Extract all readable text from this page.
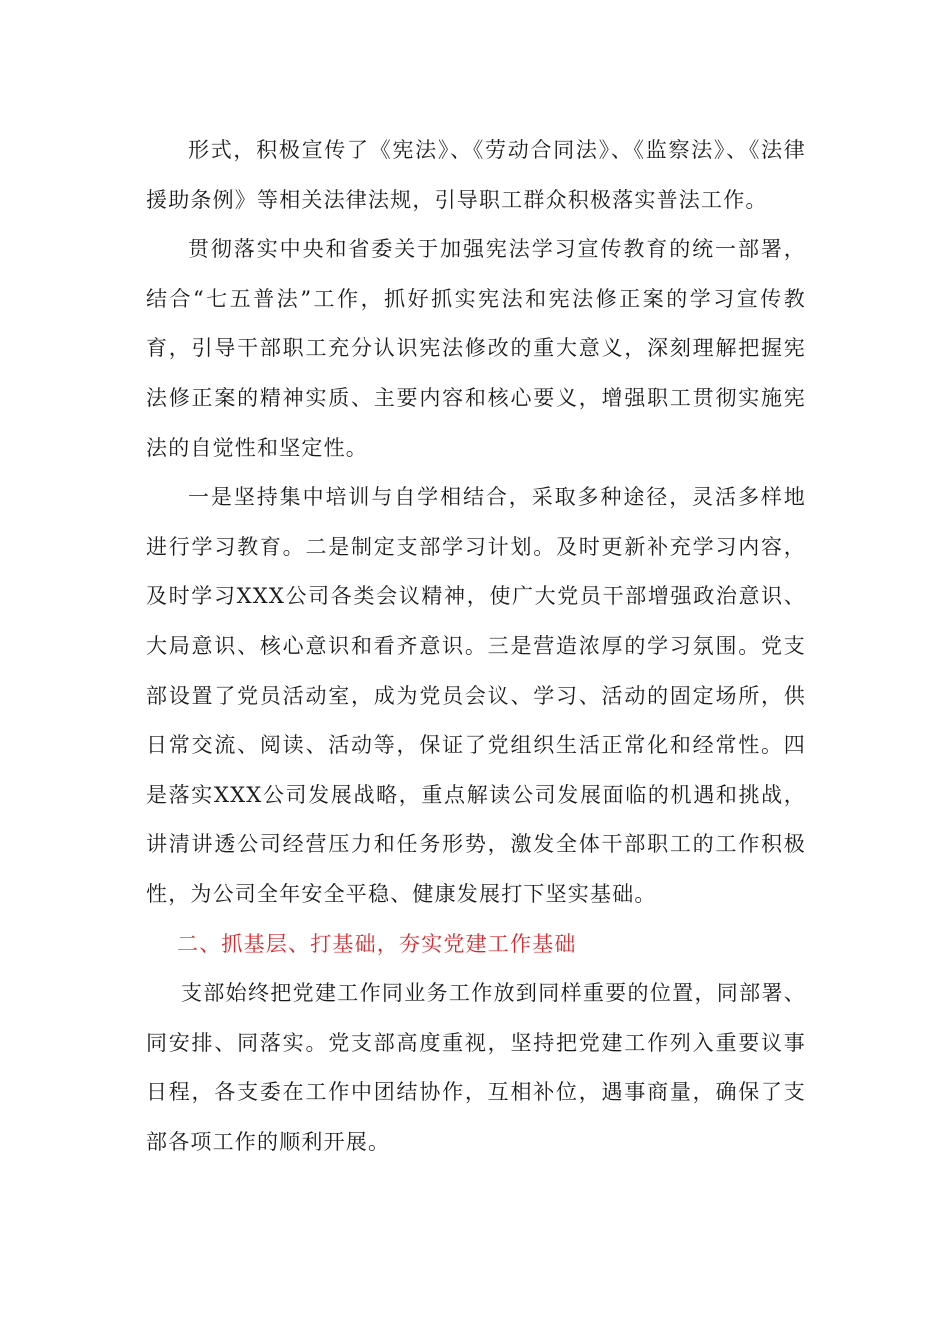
形式，积极宣传了《宪法》、《劳动合同法》、《监察法》、《法律援助条例》等相关法律法规，引导职工群众积极落实普法工作。

贯彻落实中央和省委关于加强宪法学习宣传教育的统一部署，结合“七五普法”工作，抓好抓实宪法和宪法修正案的学习宣传教育，引导干部职工充分认识宪法修改的重大意义，深刻理解把握宪法修正案的精神实质、主要内容和核心要义，增强职工贯彻实施宪法的自觉性和坚定性。

一是坚持集中培训与自学相结合，采取多种途径，灵活多样地进行学习教育。二是制定支部学习计划。及时更新补充学习内容，及时学习XXX公司各类会议精神，使广大党员干部增强政治意识、大局意识、核心意识和看齐意识。三是营造浓厚的学习氛围。党支部设置了党员活动室，成为党员会议、学习、活动的固定场所，供日常交流、阅读、活动等，保证了党组织生活正常化和经常性。四是落实XXX公司发展战略，重点解读公司发展面临的机遇和挑战，讲清讲透公司经营压力和任务形势，激发全体干部职工的工作积极性，为公司全年安全平稳、健康发展打下坚实基础。

二、抓基层、打基础，夯实党建工作基础

支部始终把党建工作同业务工作放到同样重要的位置，同部署、同安排、同落实。党支部高度重视，坚持把党建工作列入重要议事日程，各支委在工作中团结协作，互相补位，遇事商量，确保了支部各项工作的顺利开展。
